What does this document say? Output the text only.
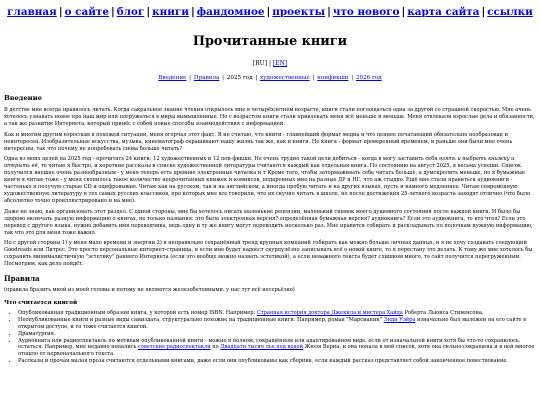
главная | о сайте | блог | книги | фандомное | проекты | что нового | карта сайта | ссылки
Прочитанные книги
[RU] | [EN]
Введение | Правила | 2025 год | художественные | нонфикшн | 2026 год
Введение

В детстве мне всегда нравилось читать. Когда сакральное знание чтения открылось мне в четырёхлетнем возрасте, книги стали поглощаться одна за другой со страшной скоростью. Мне очень хотелось узнавать новое про наш мир или погружаться в миры вымышленные. Но с возрастом книги стали привлекать меня всё меньше и меньше. Меня отвлекали взрослые дела и обязанности, а так же развитие Интернета, который принёс с собой новые способы взаимодействия с информацией.

Как и многим другим взрослым в похожей ситуации, меня огорчал этот факт. Я не считаю, что книги - главнейший формат медиа и что ценнее печатающий обязательно необразован и неинтересен. Изобразительные искусства, музыка, кинематограф скрашивают нашу жизнь так же, как и книги. Но книга - формат проверенный временем, и раньше они были мне очень интересны, так что почему не попробовать снова больше читать?

Одна из моих целей на 2025 год - прочитать 24 книги: 12 художественных и 12 non-фикшн. Не очень трудно такой цели добиться - когда в могу заставить себя взять и выбрать книжку и открыть её, то читаю я быстро, и короткие рассказы в списке художественной литературы считаются каждый как отдельная книга. По состоянию на август 2025, я весьма успешн. Список получился внешне очень разнообразным - у меня теперь есть древние электронные читалка и т Кроме того, чтобы затормаживать себе читать больше, а думскролить меньше, но я бумажные книги я читаю тоже - у меня скопилось такое количество непрочитанных книжек и комиксов, подаренных мне на разные ДР и НГ, что аж стыдно. Ещё мне стали нравиться аудиокниги - частенько я получую старые CD и оцифровываю. Читаю как на русском, так и на английском, а иногда пробую читать и на других языках, пусть и намного медленнее. Читаю современную художественную литературу и тех самых русских классиков, про которых мне все говорили, что их скучно читать в школе, но после достижения 25-летнего возраста заходят отлично (что было абсолютно точно проиллюстрировано и на мне).

Даже не знаю, как организовать этот раздел. С одной стороны, мне бы хотелось писать маленькие рецензии, маленький снимок моего душевного состояния после каждой книги. И было бы здорово включать разную информацию о книгах, не только названия: это была электронная версия? определённая бумажная версия? аудиокнига? Если это аудиокнига, то кто чтец? Если это перевод с другого языка, нужно добавить имя переводчика, ведь одну и ту же книгу могут переводить несколько раз. Мне нравится собирать и раскладывать по полочкам нужную информацию, так что это для меня тоже важно.

Но с другой стороны 1) у меня мало времени и энергии 2) я неправильно сохранённый тренд крупных компаний собирать как можно больше личных данных, и я не хочу создавать следующий Goodreads или Литрес. Это просто персональные интернет-страница, и если мне будет надоест скурпулёзно записывать всё о новой книге, то я перестану это делать. К тому же мне хотелось бы сохранить минималистичную "эстетику" раннего Интернета (если это вообще можно назвать эстетикой), а если неважного текста будет слишком много, то сайт получится перегруженным. Посмотрим, как дело пойдёт.

Правила

(правила бразить мной из моей головы и потому не являются железобетонными. у нас тут всё несерьёзно)

Что считается книгой
• Опубликованная традиционным образом книга, у которой есть номер ISBN. Например: Странная история доктора Джекила и мистера Хайда Роберта Льюиса Стивенсона.
• Неопубликованные книги и разные виды самиздата, структурально похожие на традиционные книги. Например, роман "Марсианин" Энди Уэйра изначально был выложен на его сайте в открытом доступе, и то тоже считается книгой.
• Драматургия.
• Аудиокнига или радиоспектакль по мотивам опубликованной книги - можно в полном, сокращённом или адаптированном виде. если от изначальной книги хотя бы что-то сохранилось. остаться. Например, мне недавно попались советские радиоспектакли по Двадцати тысяч лье под водой Жюля Верна, и она попала в мой список, хотя она сильно сокращена и в ней многое отошло от первоначального текста.
• Рассказы и прочая малая проза считаются отдельными книгами, даже если они опубликованы как сборник, если каждый рассказ представляет собой законченное повествование.
